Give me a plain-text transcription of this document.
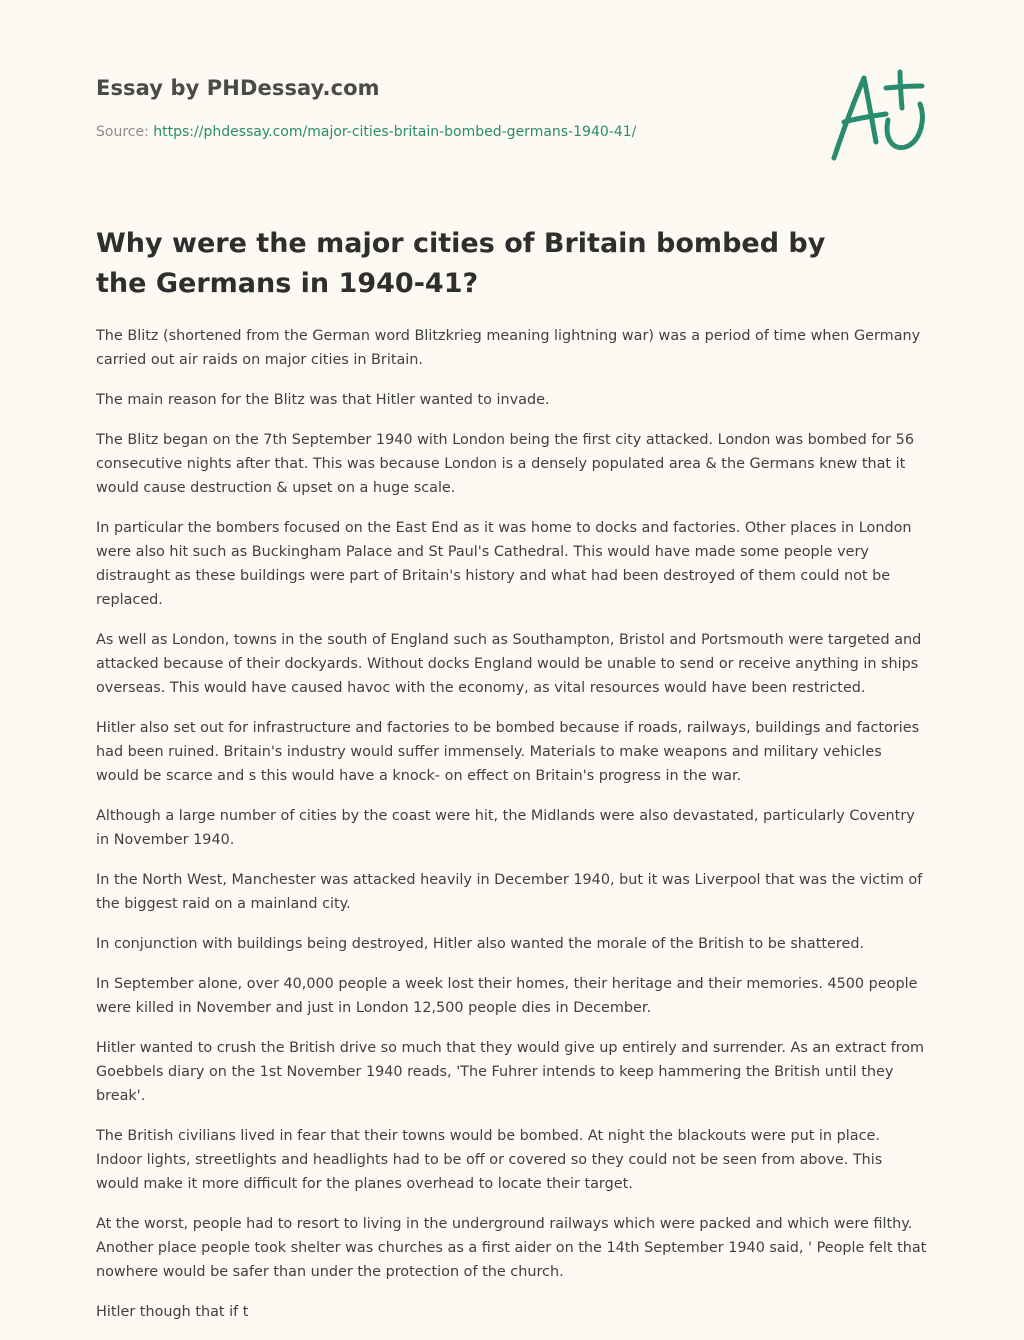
Essay by PHDessay.com
Source: https://phdessay.com/major-cities-britain-bombed-germans-1940-41/
Why were the major cities of Britain bombed by the Germans in 1940-41?

The Blitz (shortened from the German word Blitzkrieg meaning lightning war) was a period of time when Germany carried out air raids on major cities in Britain.

The main reason for the Blitz was that Hitler wanted to invade.

The Blitz began on the 7th September 1940 with London being the first city attacked. London was bombed for 56 consecutive nights after that. This was because London is a densely populated area & the Germans knew that it would cause destruction & upset on a huge scale.

In particular the bombers focused on the East End as it was home to docks and factories. Other places in London were also hit such as Buckingham Palace and St Paul's Cathedral. This would have made some people very distraught as these buildings were part of Britain's history and what had been destroyed of them could not be replaced.

As well as London, towns in the south of England such as Southampton, Bristol and Portsmouth were targeted and attacked because of their dockyards. Without docks England would be unable to send or receive anything in ships overseas. This would have caused havoc with the economy, as vital resources would have been restricted.

Hitler also set out for infrastructure and factories to be bombed because if roads, railways, buildings and factories had been ruined. Britain's industry would suffer immensely. Materials to make weapons and military vehicles would be scarce and s this would have a knock- on effect on Britain's progress in the war.

Although a large number of cities by the coast were hit, the Midlands were also devastated, particularly Coventry in November 1940.

In the North West, Manchester was attacked heavily in December 1940, but it was Liverpool that was the victim of the biggest raid on a mainland city.

In conjunction with buildings being destroyed, Hitler also wanted the morale of the British to be shattered.

In September alone, over 40,000 people a week lost their homes, their heritage and their memories. 4500 people were killed in November and just in London 12,500 people dies in December.

Hitler wanted to crush the British drive so much that they would give up entirely and surrender. As an extract from Goebbels diary on the 1st November 1940 reads, 'The Fuhrer intends to keep hammering the British until they break'.

The British civilians lived in fear that their towns would be bombed. At night the blackouts were put in place. Indoor lights, streetlights and headlights had to be off or covered so they could not be seen from above. This would make it more difficult for the planes overhead to locate their target.

At the worst, people had to resort to living in the underground railways which were packed and which were filthy. Another place people took shelter was churches as a first aider on the 14th September 1940 said, ' People felt that nowhere would be safer than under the protection of the church.

Hitler though that if t
